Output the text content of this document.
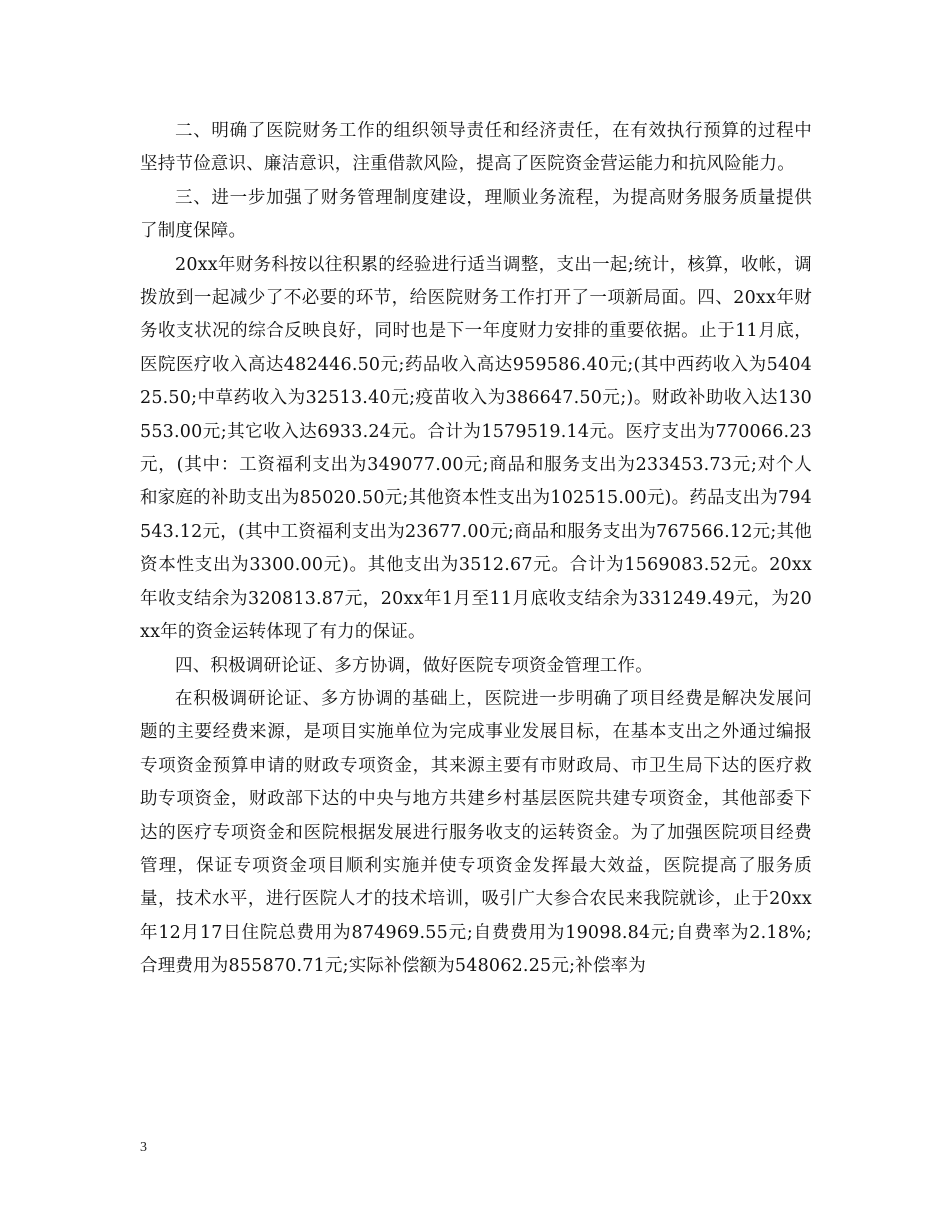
二、明确了医院财务工作的组织领导责任和经济责任，在有效执行预算的过程中坚持节俭意识、廉洁意识，注重借款风险，提高了医院资金营运能力和抗风险能力。

三、进一步加强了财务管理制度建设，理顺业务流程，为提高财务服务质量提供了制度保障。

20xx年财务科按以往积累的经验进行适当调整，支出一起;统计，核算，收帐，调拨放到一起减少了不必要的环节，给医院财务工作打开了一项新局面。四、20xx年财务收支状况的综合反映良好，同时也是下一年度财力安排的重要依据。止于11月底，医院医疗收入高达482446.50元;药品收入高达959586.40元;(其中西药收入为540425.50;中草药收入为32513.40元;疫苗收入为386647.50元;)。财政补助收入达130553.00元;其它收入达6933.24元。合计为1579519.14元。医疗支出为770066.23元，(其中：工资福利支出为349077.00元;商品和服务支出为233453.73元;对个人和家庭的补助支出为85020.50元;其他资本性支出为102515.00元)。药品支出为794543.12元，(其中工资福利支出为23677.00元;商品和服务支出为767566.12元;其他资本性支出为3300.00元)。其他支出为3512.67元。合计为1569083.52元。20xx年收支结余为320813.87元，20xx年1月至11月底收支结余为331249.49元，为20xx年的资金运转体现了有力的保证。

四、积极调研论证、多方协调，做好医院专项资金管理工作。

在积极调研论证、多方协调的基础上，医院进一步明确了项目经费是解决发展问题的主要经费来源，是项目实施单位为完成事业发展目标，在基本支出之外通过编报专项资金预算申请的财政专项资金，其来源主要有市财政局、市卫生局下达的医疗救助专项资金，财政部下达的中央与地方共建乡村基层医院共建专项资金，其他部委下达的医疗专项资金和医院根据发展进行服务收支的运转资金。为了加强医院项目经费管理，保证专项资金项目顺利实施并使专项资金发挥最大效益，医院提高了服务质量，技术水平，进行医院人才的技术培训，吸引广大参合农民来我院就诊，止于20xx年12月17日住院总费用为874969.55元;自费费用为19098.84元;自费率为2.18%;合理费用为855870.71元;实际补偿额为548062.25元;补偿率为

3
